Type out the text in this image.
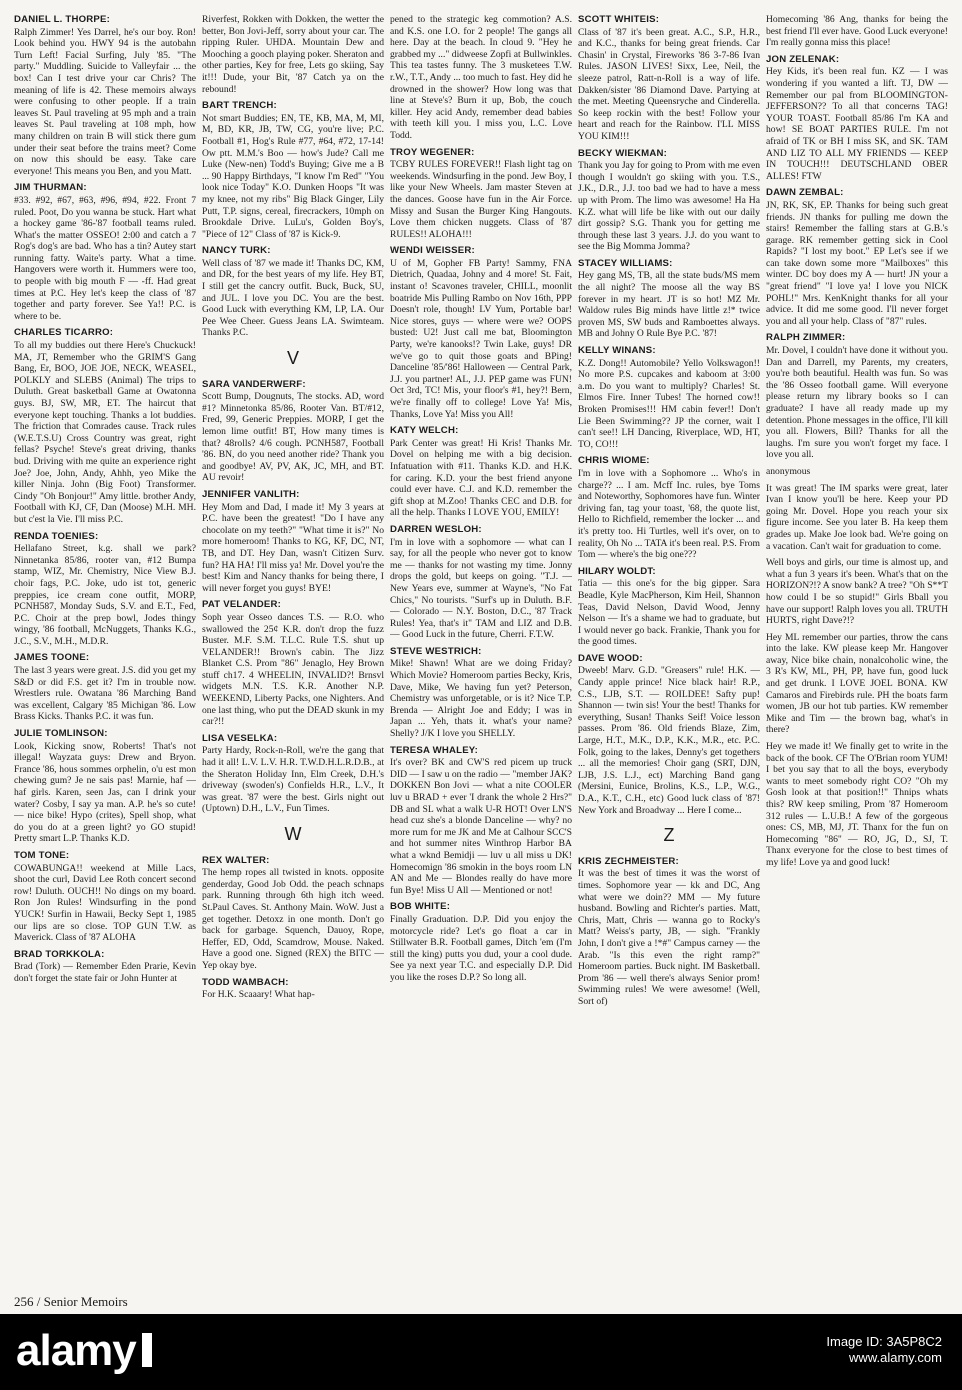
DANIEL L. THORPE:
Ralph Zimmer! Yes Darrel, he's our boy. Ron! Look behind you. HWY 94 is the autobahn Turn Left! Facial Surfing, July '85. "The party." Muddling. Suicide to Valleyfair ... the box! Can I test drive your car Chris? The meaning of life is 42. These memoirs always were confusing to other people. If a train leaves St. Paul traveling at 95 mph and a train leaves St. Paul traveling at 108 mph, how many children on train B will stick there gum under their seat before the trains meet? Come on now this should be easy. Take care everyone! This means you Ben, and you Matt.
JIM THURMAN:
#33. #92, #67, #63, #96, #94, #22. Front 7 ruled. Poot, Do you wanna be stuck. Hart what a hockey game '86-'87 football teams ruled. What's the matter OSSEO! 2:00 and catch a 7 Rog's dog's are bad. Who has a tin? Autey start running fatty. Waite's party. What a time. Hangovers were worth it. Hummers were too, to people with big mouth F — -ff. Had great times at P.C. Hey let's keep the class of '87 together and party forever. See Ya!! P.C. is where to be.
CHARLES TICARRO:
To all my buddies out there Here's Chuckuck! MA, JT, Remember who the GRIM'S Gang Bang, Er, BOO, JOE JOE, NECK, WEASEL, POLKLY and SLEBS (Animal) The trips to Duluth. Great basketball Game at Owatonna guys. BJ, SW, MR, ET. The haircut that everyone kept touching. Thanks a lot buddies. The friction that Comrades cause. Track rules (W.E.T.S.U) Cross Country was great, right fellas? Psyche! Steve's great driving, thanks bud. Driving with me quite an experience right Joe? Joe, John, Andy, Ahhh, yeo Mike the killer Ninja. John (Big Foot) Transformer. Cindy "Oh Bonjour!" Amy little. brother Andy, Football with KJ, CF, Dan (Moose) M.H. MH. but c'est la Vie. I'll miss P.C.
RENDA TOENIES:
Hellafano Street, k.g. shall we park? Ninnetanka 85/86, rooter van, #12 Bumpa stamp, WIZ, Mr. Chemistry, Nice View B.J. choir fags, P.C. Joke, udo ist tot, generic preppies, ice cream cone outfit, MORP, PCNH587, Monday Suds, S.V. and E.T., Fed, P.C. Choir at the prep bowl, Jodes thingy wingy, '86 football, McNuggets, Thanks K.G., J.C., S.V., M.H., M.D.R.
JAMES TOONE:
The last 3 years were great. J.S. did you get my S&D or did F.S. get it? I'm in trouble now. Wrestlers rule. Owatana '86 Marching Band was excellent, Calgary '85 Michigan '86. Low Brass Kicks. Thanks P.C. it was fun.
JULIE TOMLINSON:
Look, Kicking snow, Roberts! That's not illegal! Wayzata guys: Drew and Bryon. France '86, hous sommes orphelin, o'u est mon chewing gum? Je ne sais pas! Marnie, haf — haf girls. Karen, seen Jas, can I drink your water? Cosby, I say ya man. A.P. he's so cute! — nice bike! Hypo (crites), Spell shop, what do you do at a green light? yo GO stupid! Pretty smart L.P. Thanks K.D.
TOM TONE:
COWABUNGA!! weekend at Mille Lacs, shoot the curl, David Lee Roth concert second row! Duluth. OUCH!! No dings on my board. Ron Jon Rules! Windsurfing in the pond YUCK! Surfin in Hawaii, Becky Sept 1, 1985 our lips are so close. TOP GUN T.W. as Maverick. Class of '87 ALOHA
BRAD TORKKOLA:
Brad (Tork) — Remember Eden Prarie, Kevin don't forget the state fair or John Hunter at
Riverfest, Rokken with Dokken, the wetter the better, Bon Jovi-Jeff, sorry about your car. The ripping Ruler. UHDA. Mountain Dew and Mooching a gooch playing poker. Sheraton and other parties, Key for free, Lets go skiing, Say it!!! Dude, your Bit, '87 Catch ya on the rebound!
BART TRENCH:
Not smart Buddies; EN, TE, KB, MA, M, MI, M, BD, KR, JB, TW, CG, you're live; P.C. Football #1, Hog's Rule #77, #64, #72, 17-14! Ow ptt. M.M.'s Boo — how's Jude? Call me Luke (New-nen) Todd's Buying; Give me a B ... 90 Happy Birthdays, "I know I'm Red" "You look nice Today" K.O. Dunken Hoops "It was my knee, not my ribs" Big Black Ginger, Lily Putt, T.P. signs, cereal, firecrackers, 10mph on Brookdale Drive. LuLu's, Golden Boy's, "Piece of 12" Class of '87 is Kick-9.
NANCY TURK:
Well class of '87 we made it! Thanks DC, KM, and DR, for the best years of my life. Hey BT, I still get the cancry outfit. Buck, Buck, SU, and JUL. I love you DC. You are the best. Good Luck with everything KM, LP, LA. Our Pee Wee Cheer. Guess Jeans LA. Swimteam. Thanks P.C.
V
SARA VANDERWERF:
Scott Bump, Dougnuts, The stocks. AD, word #1? Minnetonka 85/86, Rooter Van. BT/#12, Fred, 99, Generic Preppies. MORP, I get the lemon lime outfit! BT, How many times is that? 48rolls? 4/6 cough. PCNH587, Football '86. BN, do you need another ride? Thank you and goodbye! AV, PV, AK, JC, MH, and BT. AU revoir!
JENNIFER VANLITH:
Hey Mom and Dad, I made it! My 3 years at P.C. have been the greatest! "Do I have any chocolate on my teeth?" "What time it is?" No more homeroom! Thanks to KG, KF, DC, NT, TB, and DT. Hey Dan, wasn't Citizen Surv. fun? HA HA! I'll miss ya! Mr. Dovel you're the best! Kim and Nancy thanks for being there, I will never forget you guys! BYE!
PAT VELANDER:
Soph year Osseo dances T.S. — R.O. who swallowed the 25¢ K.R. don't drop the fuzz Buster. M.F. S.M. T.L.C. Rule T.S. shut up VELANDER!! Brown's cabin. The Jizz Blanket C.S. Prom "86" Jenaglo, Hey Brown stuff ch17. 4 WHEELIN, INVALID?! Brnsvl widgets M.N. T.S. K.R. Another N.P. WEEKEND, Liberty Packs, one Nighters. And one last thing, who put the DEAD skunk in my car?!!
LISA VESELKA:
Party Hardy, Rock-n-Roll, we're the gang that had it all! L.V. L.V. H.R. T.W.D.H.L.R.D.B., at the Sheraton Holiday Inn, Elm Creek, D.H.'s driveway (swoden's) Confields H.R., L.V., It was great. '87 were the best. Girls night out (Uptown) D.H., L.V., Fun Times.
W
REX WALTER:
The hemp ropes all twisted in knots. opposite genderday, Good Job Odd. the peach schnaps park. Running through 6th high itch weed. St.Paul Caves. St. Anthony Main. WoW. Just a get together. Detoxz in one month. Don't go back for garbage. Squench, Dauoy, Rope, Heffer, ED, Odd, Scamdrow, Mouse. Naked. Have a good one. Signed (REX) the BITC — Yep okay bye.
TODD WAMBACH:
For H.K. Scaaary! What hap-
pened to the strategic keg commotion? A.S. and K.S. one I.O. for 2 people! The gangs all here. Day at the beach. In cloud 9. "Hey he grabbed my ..." didweese Zopfi at Bullwinkles. This tea tastes funny. The 3 musketees T.W. r.W., T.T., Andy ... too much to fast. Hey did he drowned in the shower? How long was that line at Steve's? Burn it up, Bob, the couch killer. Hey acid Andy, remember dead babies with teeth kill you. I miss you, L.C. Love Todd.
TROY WEGENER:
TCBY RULES FOREVER!! Flash light tag on weekends. Windsurfing in the pond. Jew Boy, I like your New Wheels. Jam master Steven at the dances. Goose have fun in the Air Force. Missy and Susan the Burger King Hangouts. Love them chicken nuggets. Class of '87 RULES!! ALOHA!!!
WENDI WEISSER:
U of M, Gopher FB Party! Sammy, FNA Dietrich, Quadaa, Johny and 4 more! St. Fait, instant o! Scavones traveler, CHILL, moonlit boatride Mis Pulling Rambo on Nov 16th, PPP Doesn't role, though! LV Yum, Portable bar! Nice stores, guys — where were we? OOPS busted: U2! Just call me bat, Bloomington Party, we're kanooks!? Twin Lake, guys! DR we've go to quit those goats and BPing! Danceline '85/'86! Halloween — Central Park, J.J. you partner! AL, J.J. PEP game was FUN! Oct 3rd, TC! Mis, your floor's #1, hey?! Bern, we're finally off to college! Love Ya! Mis, Thanks, Love Ya! Miss you All!
KATY WELCH:
Park Center was great! Hi Kris! Thanks Mr. Dovel on helping me with a big decision. Infatuation with #11. Thanks K.D. and H.K. for caring. K.D. your the best friend anyone could ever have. C.J. and K.D. remember the gift shop at M.Zoo! Thanks CEC and D.B. for all the help. Thanks I LOVE YOU, EMILY!
DARREN WESLOH:
I'm in love with a sophomore — what can I say, for all the people who never got to know me — thanks for not wasting my time. Jonny drops the gold, but keeps on going. "T.J. — New Years eve, summer at Wayne's, "No Fat Chics," No tourists. "Surf's up in Duluth. B.F. — Colorado — N.Y. Boston, D.C., '87 Track Rules! Yea, that's it" TAM and LIZ and D.B. — Good Luck in the future, Cherri. F.T.W.
STEVE WESTRICH:
Mike! Shawn! What are we doing Friday? Which Movie? Homeroom parties Becky, Kris, Dave, Mike, We having fun yet? Peterson, Chemistry was unforgetable, or is it? Nice T.P. Brenda — Alright Joe and Eddy; I was in Japan ... Yeh, thats it. what's your name? Shelly? J/K I love you SHELLY.
TERESA WHALEY:
It's over? BK and CW'S red picem up truck DID — I saw u on the radio — "member JAK? DOKKEN Bon Jovi — what a nite COOLER luv u BRAD + ever 'I drank the whole 2 Hrs?" DB and SL what a walk U-R HOT! Over LN'S head cuz she's a blonde Danceline — why? no more rum for me JK and Me at Calhour SCC'S and hot summer nites Winthrop Harbor BA what a wknd Bemidji — luv u all miss u DK! Homecomign '86 smokin in the boys room LN AN and Me — Blondes really do have more fun Bye! Miss U All — Mentioned or not!
BOB WHITE:
Finally Graduation. D.P. Did you enjoy the motorcycle ride? Let's go float a car in Stillwater B.R. Football games, Ditch 'em (I'm still the king) putts you dud, your a cool dude. See ya next year T.C. and especially D.P. Did you like the roses D.P.? So long all.
SCOTT WHITEIS:
Class of '87 it's been great. A.C., S.P., H.R., and K.C., thanks for being great friends. Car Chasin' in Crystal, Fireworks '86 3-7-86 Ivan Rules. JASON LIVES! Sixx, Lee, Neil, the sleeze patrol, Ratt-n-Roll is a way of life. Dakken/sister '86 Diamond Dave. Partying at the met. Meeting Queensryche and Cinderella. So keep rockin with the best! Follow your heart and reach for the Rainbow. I'LL MISS YOU KIM!!!
BECKY WIEKMAN:
Thank you Jay for going to Prom with me even though I wouldn't go skiing with you. T.S., J.K., D.R., J.J. too bad we had to have a mess up with Prom. The limo was awesome! Ha Ha K.Z. what will life be like with out our daily dirt gossip? S.G. Thank you for getting me through these last 3 years. J.J. do you want to see the Big Momma Jomma?
STACEY WILLIAMS:
Hey gang MS, TB, all the state buds/MS mem the all night? The moose all the way BS forever in my heart. JT is so hot! MZ Mr. Waldow rules Big minds have little z!* twice proven MS, SW buds and Ramboettes always. MB and Johny O Rule Bye P.C. '87!
KELLY WINANS:
K.Z. Dong!! Automobile? Yello Volkswagon!! No more P.S. cupcakes and kaboom at 3:00 a.m. Do you want to multiply? Charles! St. Elmos Fire. Inner Tubes! The horned cow!! Broken Promises!!! HM cabin fever!! Don't Lie Been Swimming?? JP the corner, wait I can't see!! LH Dancing, Riverplace, WD, HT, TO, CO!!!
CHRIS WIOME:
I'm in love with a Sophomore ... Who's in charge?? ... I am. Mcff Inc. rules, bye Toms and Noteworthy, Sophomores have fun. Winter driving fan, tag your toast, '68, the quote list, Hello to Richfield, remember the locker ... and it's pretty too. Hi Turtles, well it's over, on to reality, Oh No ... TATA it's been real. P.S. From Tom — where's the big one???
HILARY WOLDT:
Tatia — this one's for the big gipper. Sara Beadle, Kyle MacPherson, Kim Heil, Shannon Teas, David Nelson, David Wood, Jenny Nelson — It's a shame we had to graduate, but I would never go back. Frankie, Thank you for the good times.
DAVE WOOD:
Dweeb! Marv. G.D. "Greasers" rule! H.K. — Candy apple prince! Nice black hair! R.P., C.S., LJB, S.T. — ROILDEE! Safty pup! Shannon — twin sis! Your the best! Thanks for everything, Susan! Thanks Seif! Voice lesson passes. Prom '86. Old friends Blaze, Zim, Large, H.T., M.K., D.P., K.K., M.R., etc. P.C. Folk, going to the lakes, Denny's get togethers ... all the memories! Choir gang (SRT, DJN, LJB, J.S. L.J., ect) Marching Band gang (Mersini, Eunice, Brolins, K.S., L.P., W.G., D.A., K.T., C.H., etc) Good luck class of '87! New York and Broadway ... Here I come...
Z
KRIS ZECHMEISTER:
It was the best of times it was the worst of times. Sophomore year — kk and DC, Ang what were we doin?? MM — My future husband. Bowling and Richter's parties. Matt, Chris, Matt, Chris — wanna go to Rocky's Matt? Weiss's party, JB, — sigh. "Frankly John, I don't give a !*#" Campus carney — the Arab. "Is this even the right ramp?" Homeroom parties. Buck night. IM Basketball. Prom '86 — well there's always Senior prom! Swimming rules! We were awesome! (Well, Sort of)
Homecoming '86 Ang, thanks for being the best friend I'll ever have. Good Luck everyone! I'm really gonna miss this place!
JON ZELENAK:
Hey Kids, it's been real fun. KZ — I was wondering if you wanted a lift. TJ, DW — Remember our pal from BLOOMINGTON-JEFFERSON?? To all that concerns TAG! YOUR TOAST. Football 85/86 I'm KA and how! SE BOAT PARTIES RULE. I'm not afraid of TK or BH I miss SK, and SK. TAM AND LIZ TO ALL MY FRIENDS — KEEP IN TOUCH!!! DEUTSCHLAND OBER ALLES! FTW
DAWN ZEMBAL:
JN, RK, SK, EP. Thanks for being such great friends. JN thanks for pulling me down the stairs! Remember the falling stars at G.B.'s garage. RK remember getting sick in Cool Rapids? "I lost my boot." EP Let's see if we can take down some more "Mailboxes" this winter. DC boy does my A — hurt! JN your a "great friend" "I love ya! I love you NICK POHL!" Mrs. KenKnight thanks for all your advice. It did me some good. I'll never forget you and all your help. Class of "87" rules.
RALPH ZIMMER:
Mr. Dovel, I couldn't have done it without you. Dan and Darrell, my Parents, my creaters, you're both beautiful. Health was fun. So was the '86 Osseo football game. Will everyone please return my library books so I can graduate? I have all ready made up my detention. Phone messages in the office, I'll kill you all. Flowers, Bill? Thanks for all the laughs. I'm sure you won't forget my face. I love you all.
anonymous
It was great! The IM sparks were great, later Ivan I know you'll be here. Keep your PD going Mr. Dovel. Hope you reach your six figure income. See you later B. Ha keep them grades up. Make Joe look bad. We're going on a vacation. Can't wait for graduation to come.
Well boys and girls, our time is almost up, and what a fun 3 years it's been. What's that on the HORIZON?!? A snow bank? A tree? "Oh S**T how could I be so stupid!" Girls Bball you have our support! Ralph loves you all. TRUTH HURTS, right Dave?!?
Hey ML remember our parties, throw the cans into the lake. KW please keep Mr. Hangover away, Nice bike chain, nonalcoholic wine, the 3 R's KW, ML, PH, PP, have fun, good luck and get drunk. I LOVE JOEL BONA. KW Camaros and Firebirds rule. PH the boats farm women, JB our hot tub parties. KW remember Mike and Tim — the brown bag, what's in there?
Hey we made it! We finally get to write in the back of the book. CF The O'Brian room YUM! I bet you say that to all the boys, everybody wants to meet somebody right CO? "Oh my Gosh look at that position!!" Thnips whats this? RW keep smiling, Prom '87 Homeroom 312 rules — L.U.B.! A few of the gorgeous ones: CS, MB, MJ, JT. Thanx for the fun on Homecoming "86" — RO, JG, D., SJ, T. Thanx everyone for the close to best times of my life! Love ya and good luck!
256 / Senior Memoirs
alamy	Image ID: 3A5P8C2
www.alamy.com
